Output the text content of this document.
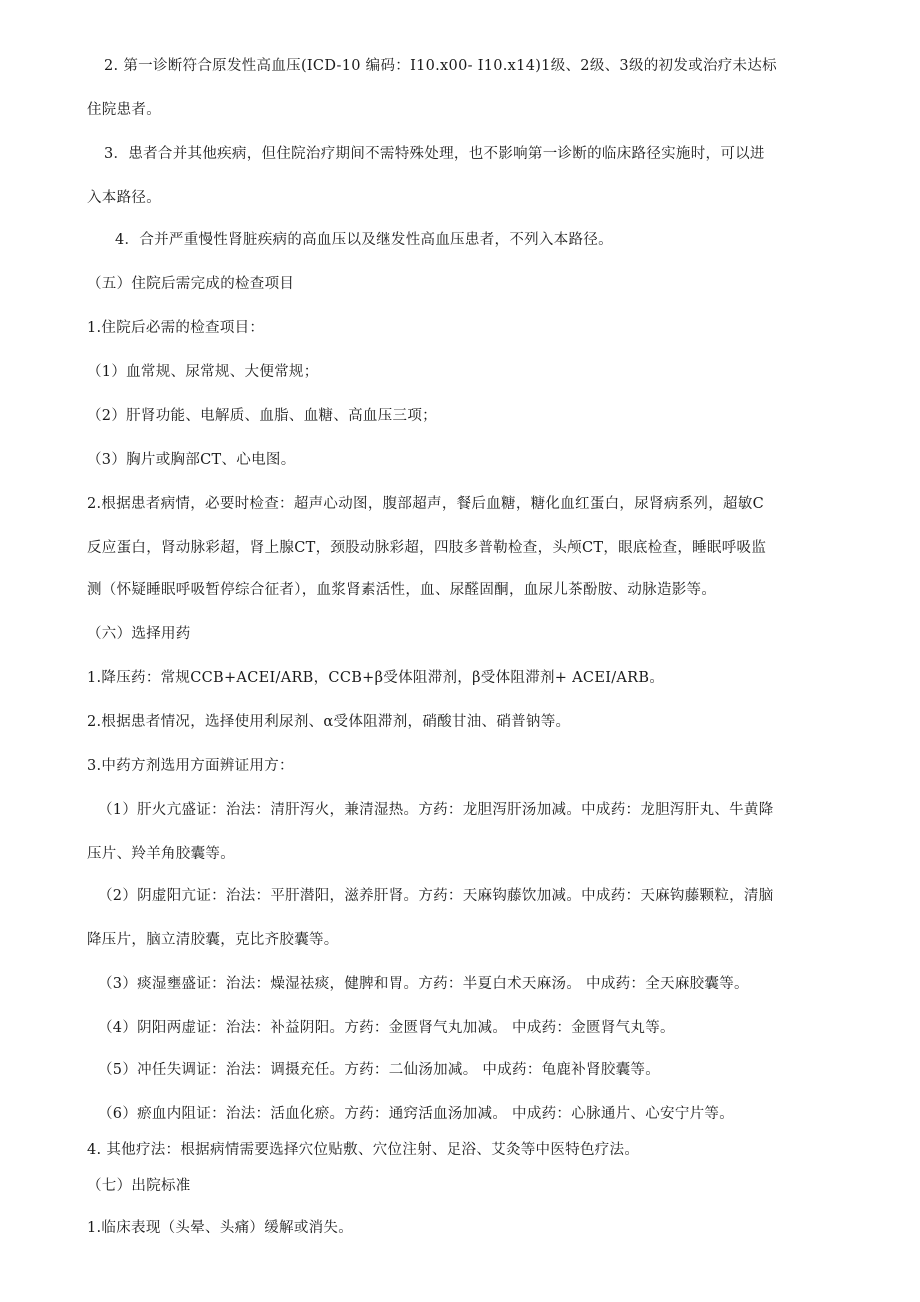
2. 第一诊断符合原发性高血压(ICD-10 编码：I10.x00- I10.x14)1级、2级、3级的初发或治疗未达标
住院患者。
3．患者合并其他疾病，但住院治疗期间不需特殊处理，也不影响第一诊断的临床路径实施时，可以进
入本路径。
4．合并严重慢性肾脏疾病的高血压以及继发性高血压患者，不列入本路径。
（五）住院后需完成的检查项目
1.住院后必需的检查项目：
（1）血常规、尿常规、大便常规；
（2）肝肾功能、电解质、血脂、血糖、高血压三项；
（3）胸片或胸部CT、心电图。
2.根据患者病情，必要时检查：超声心动图，腹部超声，餐后血糖，糖化血红蛋白，尿肾病系列，超敏C
反应蛋白，肾动脉彩超，肾上腺CT，颈股动脉彩超，四肢多普勒检查，头颅CT，眼底检查，睡眠呼吸监
测（怀疑睡眠呼吸暂停综合征者），血浆肾素活性，血、尿醛固酮，血尿儿茶酚胺、动脉造影等。
（六）选择用药
1.降压药：常规CCB+ACEI/ARB，CCB+β受体阻滞剂，β受体阻滞剂+ ACEI/ARB。
2.根据患者情况，选择使用利尿剂、α受体阻滞剂，硝酸甘油、硝普钠等。
3.中药方剂选用方面辨证用方：
（1）肝火亢盛证：治法：清肝泻火，兼清湿热。方药：龙胆泻肝汤加减。中成药：龙胆泻肝丸、牛黄降
压片、羚羊角胶囊等。
（2）阴虚阳亢证：治法：平肝潜阳，滋养肝肾。方药：天麻钩藤饮加减。中成药：天麻钩藤颗粒，清脑
降压片，脑立清胶囊，克比齐胶囊等。
（3）痰湿壅盛证：治法：燥湿祛痰，健脾和胃。方药：半夏白术天麻汤。 中成药：全天麻胶囊等。
（4）阴阳两虚证：治法：补益阴阳。方药：金匮肾气丸加减。 中成药：金匮肾气丸等。
（5）冲任失调证：治法：调摄充任。方药：二仙汤加减。 中成药：龟鹿补肾胶囊等。
（6）瘀血内阻证：治法：活血化瘀。方药：通窍活血汤加减。 中成药：心脉通片、心安宁片等。
4. 其他疗法：根据病情需要选择穴位贴敷、穴位注射、足浴、艾灸等中医特色疗法。
（七）出院标准
1.临床表现（头晕、头痛）缓解或消失。
